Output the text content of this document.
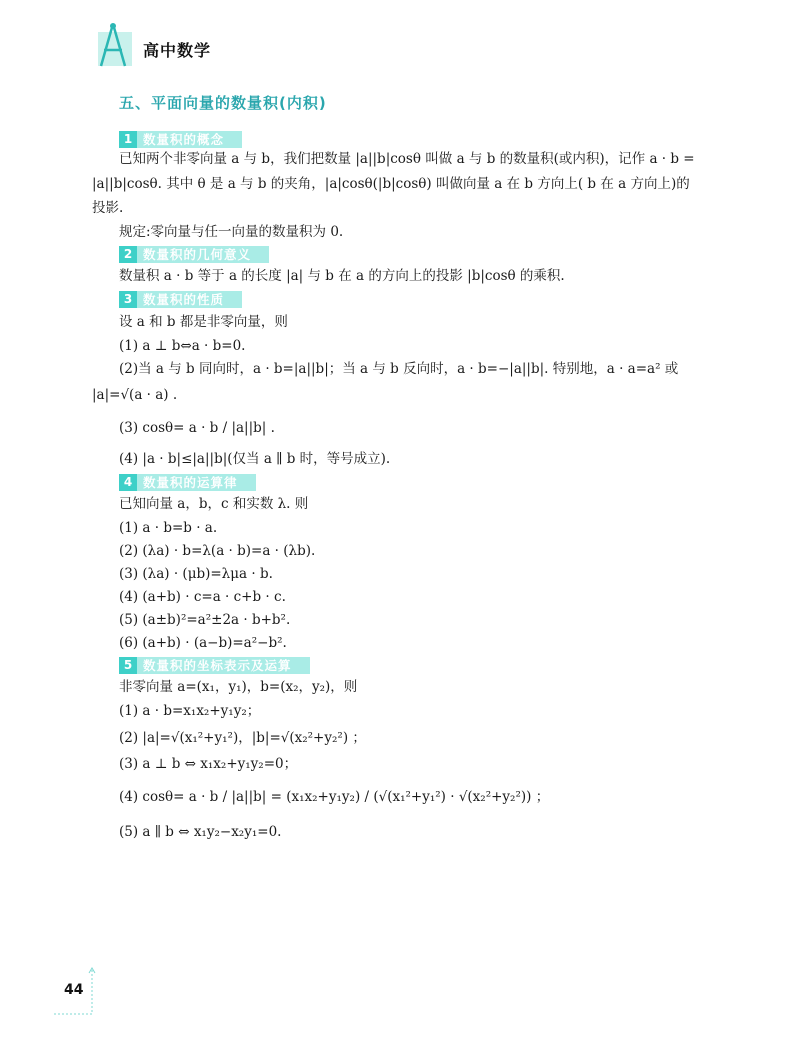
高中数学
五、平面向量的数量积(内积)
1 数量积的概念
已知两个非零向量 a 与 b，我们把数量 |a||b|cosθ 叫做 a 与 b 的数量积(或内积)，记作 a · b =
|a||b|cosθ. 其中 θ 是 a 与 b 的夹角，|a|cosθ(|b|cosθ) 叫做向量 a 在 b 方向上( b 在 a 方向上)的
投影.
规定:零向量与任一向量的数量积为 0.
2 数量积的几何意义
数量积 a · b 等于 a 的长度 |a| 与 b 在 a 的方向上的投影 |b|cosθ 的乘积.
3 数量积的性质
设 a 和 b 都是非零向量，则
(1) a ⊥ b⇔a · b=0.
(2)当 a 与 b 同向时，a · b=|a||b|；当 a 与 b 反向时，a · b=−|a||b|. 特别地，a · a=a² 或
|a|=√(a · a) .
(3) cosθ= a · b / |a||b| .
(4) |a · b|≤|a||b|(仅当 a ∥ b 时，等号成立).
4 数量积的运算律
已知向量 a，b，c 和实数 λ. 则
(1) a · b=b · a.
(2) (λa) · b=λ(a · b)=a · (λb).
(3) (λa) · (μb)=λμa · b.
(4) (a+b) · c=a · c+b · c.
(5) (a±b)²=a²±2a · b+b².
(6) (a+b) · (a−b)=a²−b².
5 数量积的坐标表示及运算
非零向量 a=(x₁，y₁)，b=(x₂，y₂)，则
(1) a · b=x₁x₂+y₁y₂；
(2) |a|=√(x₁²+y₁²)，|b|=√(x₂²+y₂²) ；
(3) a ⊥ b ⇔ x₁x₂+y₁y₂=0；
(4) cosθ= a · b / |a||b| = (x₁x₂+y₁y₂) / (√(x₁²+y₁²) · √(x₂²+y₂²)) ；
(5) a ∥ b ⇔ x₁y₂−x₂y₁=0.
44
